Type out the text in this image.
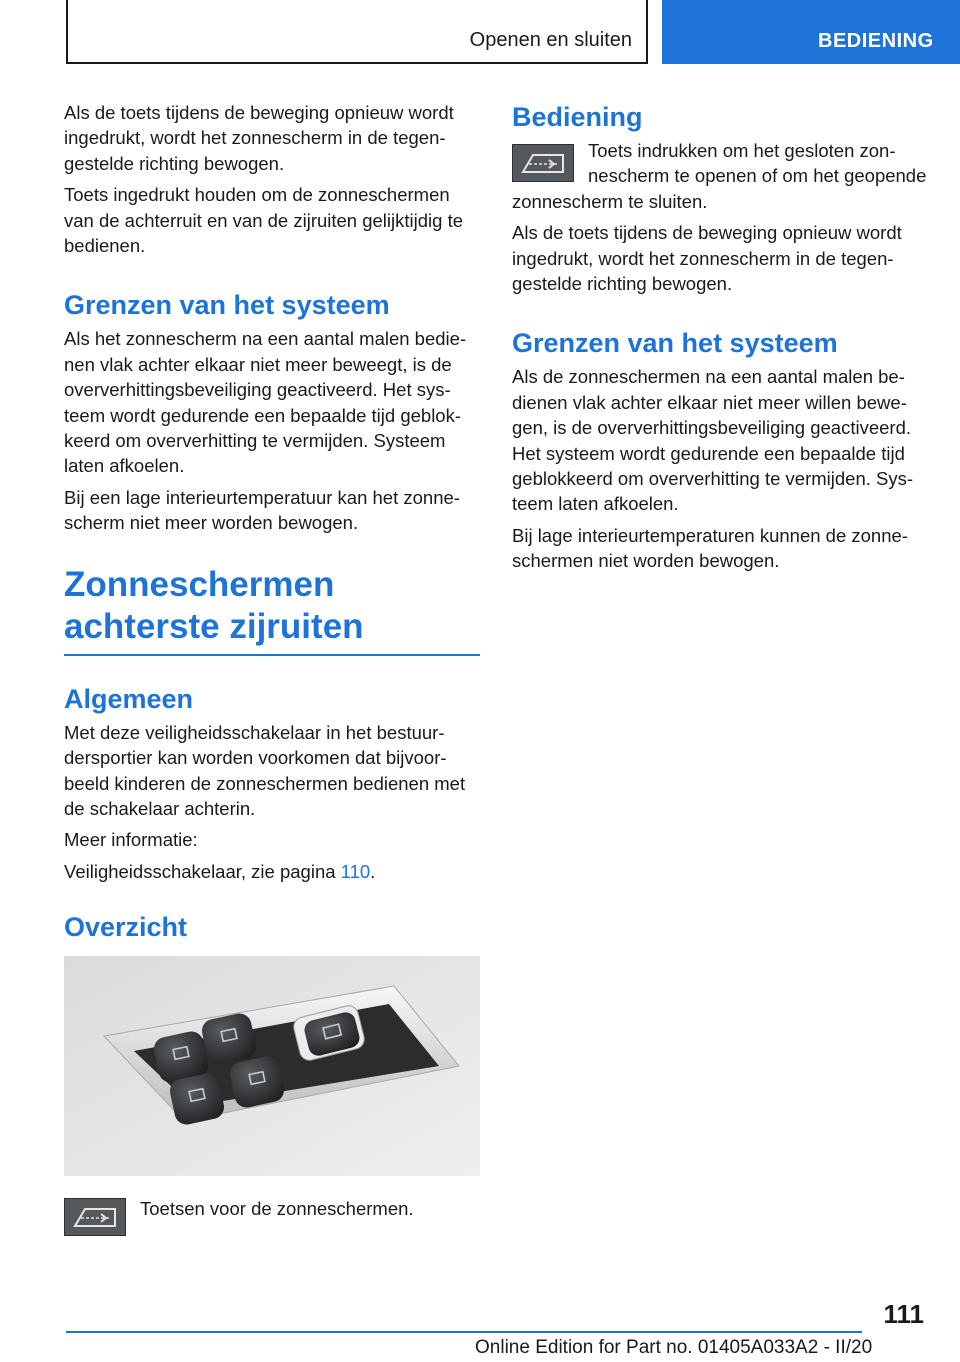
Openen en sluiten	BEDIENING

Als de toets tijdens de beweging opnieuw wordt ingedrukt, wordt het zonnescherm in de tegengestelde richting bewogen.

Toets ingedrukt houden om de zonneschermen van de achterruit en van de zijruiten gelijktijdig te bedienen.

Grenzen van het systeem

Als het zonnescherm na een aantal malen bedienen vlak achter elkaar niet meer beweegt, is de oververhittingsbeveiliging geactiveerd. Het systeem wordt gedurende een bepaalde tijd geblokkeerd om oververhitting te vermijden. Systeem laten afkoelen.

Bij een lage interieurtemperatuur kan het zonnescherm niet meer worden bewogen.

Zonneschermen achterste zijruiten
Algemeen

Met deze veiligheidsschakelaar in het bestuurdersportier kan worden voorkomen dat bijvoorbeeld kinderen de zonneschermen bedienen met de schakelaar achterin.

Meer informatie:

Veiligheidsschakelaar, zie pagina 110.

Overzicht

Toetsen voor de zonneschermen.

Bediening

Toets indrukken om het gesloten zonnescherm te openen of om het geopende zonnescherm te sluiten.

Als de toets tijdens de beweging opnieuw wordt ingedrukt, wordt het zonnescherm in de tegengestelde richting bewogen.

Grenzen van het systeem

Als de zonneschermen na een aantal malen bedienen vlak achter elkaar niet meer willen bewegen, is de oververhittingsbeveiliging geactiveerd. Het systeem wordt gedurende een bepaalde tijd geblokkeerd om oververhitting te vermijden. Systeem laten afkoelen.

Bij lage interieurtemperaturen kunnen de zonneschermen niet worden bewogen.

111
Online Edition for Part no. 01405A033A2 - II/20
